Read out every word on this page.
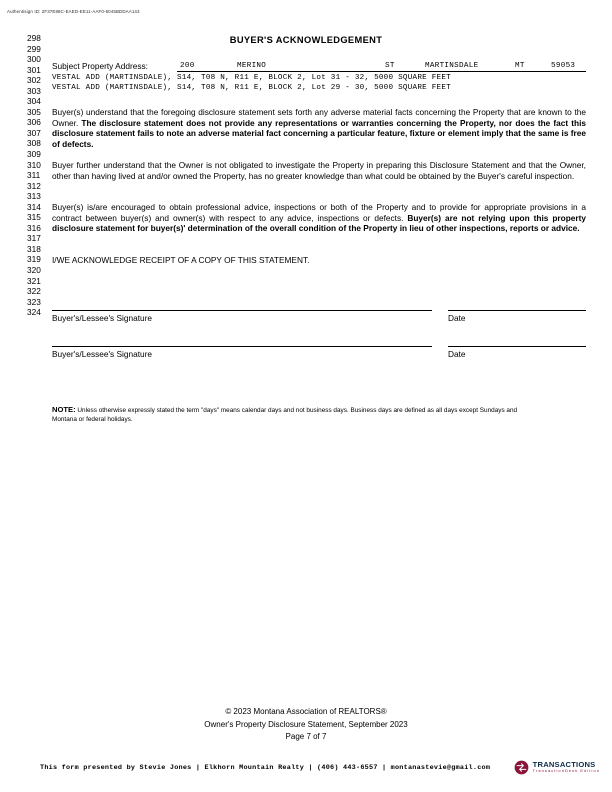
Authentisign ID: 2F37E88C-EAED-EE11-AAF0-6045BDDAA143
BUYER'S ACKNOWLEDGEMENT
298
299
300
301
302
303
304
305
306
307
308
309
310
311
312
313
314
315
316
317
318
319
320
321
322
323
324
Subject Property Address:	200	MERINO	ST	MARTINSDALE	MT	59053
VESTAL ADD (MARTINSDALE), S14, T08 N, R11 E, BLOCK 2, Lot 31 - 32, 5000 SQUARE FEET
VESTAL ADD (MARTINSDALE), S14, T08 N, R11 E, BLOCK 2, Lot 29 - 30, 5000 SQUARE FEET
Buyer(s) understand that the foregoing disclosure statement sets forth any adverse material facts concerning the Property that are known to the Owner. The disclosure statement does not provide any representations or warranties concerning the Property, nor does the fact this disclosure statement fails to note an adverse material fact concerning a particular feature, fixture or element imply that the same is free of defects.
Buyer further understand that the Owner is not obligated to investigate the Property in preparing this Disclosure Statement and that the Owner, other than having lived at and/or owned the Property, has no greater knowledge than what could be obtained by the Buyer's careful inspection.
Buyer(s) is/are encouraged to obtain professional advice, inspections or both of the Property and to provide for appropriate provisions in a contract between buyer(s) and owner(s) with respect to any advice, inspections or defects. Buyer(s) are not relying upon this property disclosure statement for buyer(s)' determination of the overall condition of the Property in lieu of other inspections, reports or advice.
I/WE ACKNOWLEDGE RECEIPT OF A COPY OF THIS STATEMENT.
Buyer's/Lessee's Signature	Date
Buyer's/Lessee's Signature	Date
NOTE: Unless otherwise expressly stated the term "days" means calendar days and not business days. Business days are defined as all days except Sundays and Montana or federal holidays.
© 2023 Montana Association of REALTORS®
Owner's Property Disclosure Statement, September 2023
Page 7 of 7
This form presented by Stevie Jones | Elkhorn Mountain Realty | (406) 443-6557 | montanastevie@gmail.com	TRANSACTIONS
TransactionDesk Edition
